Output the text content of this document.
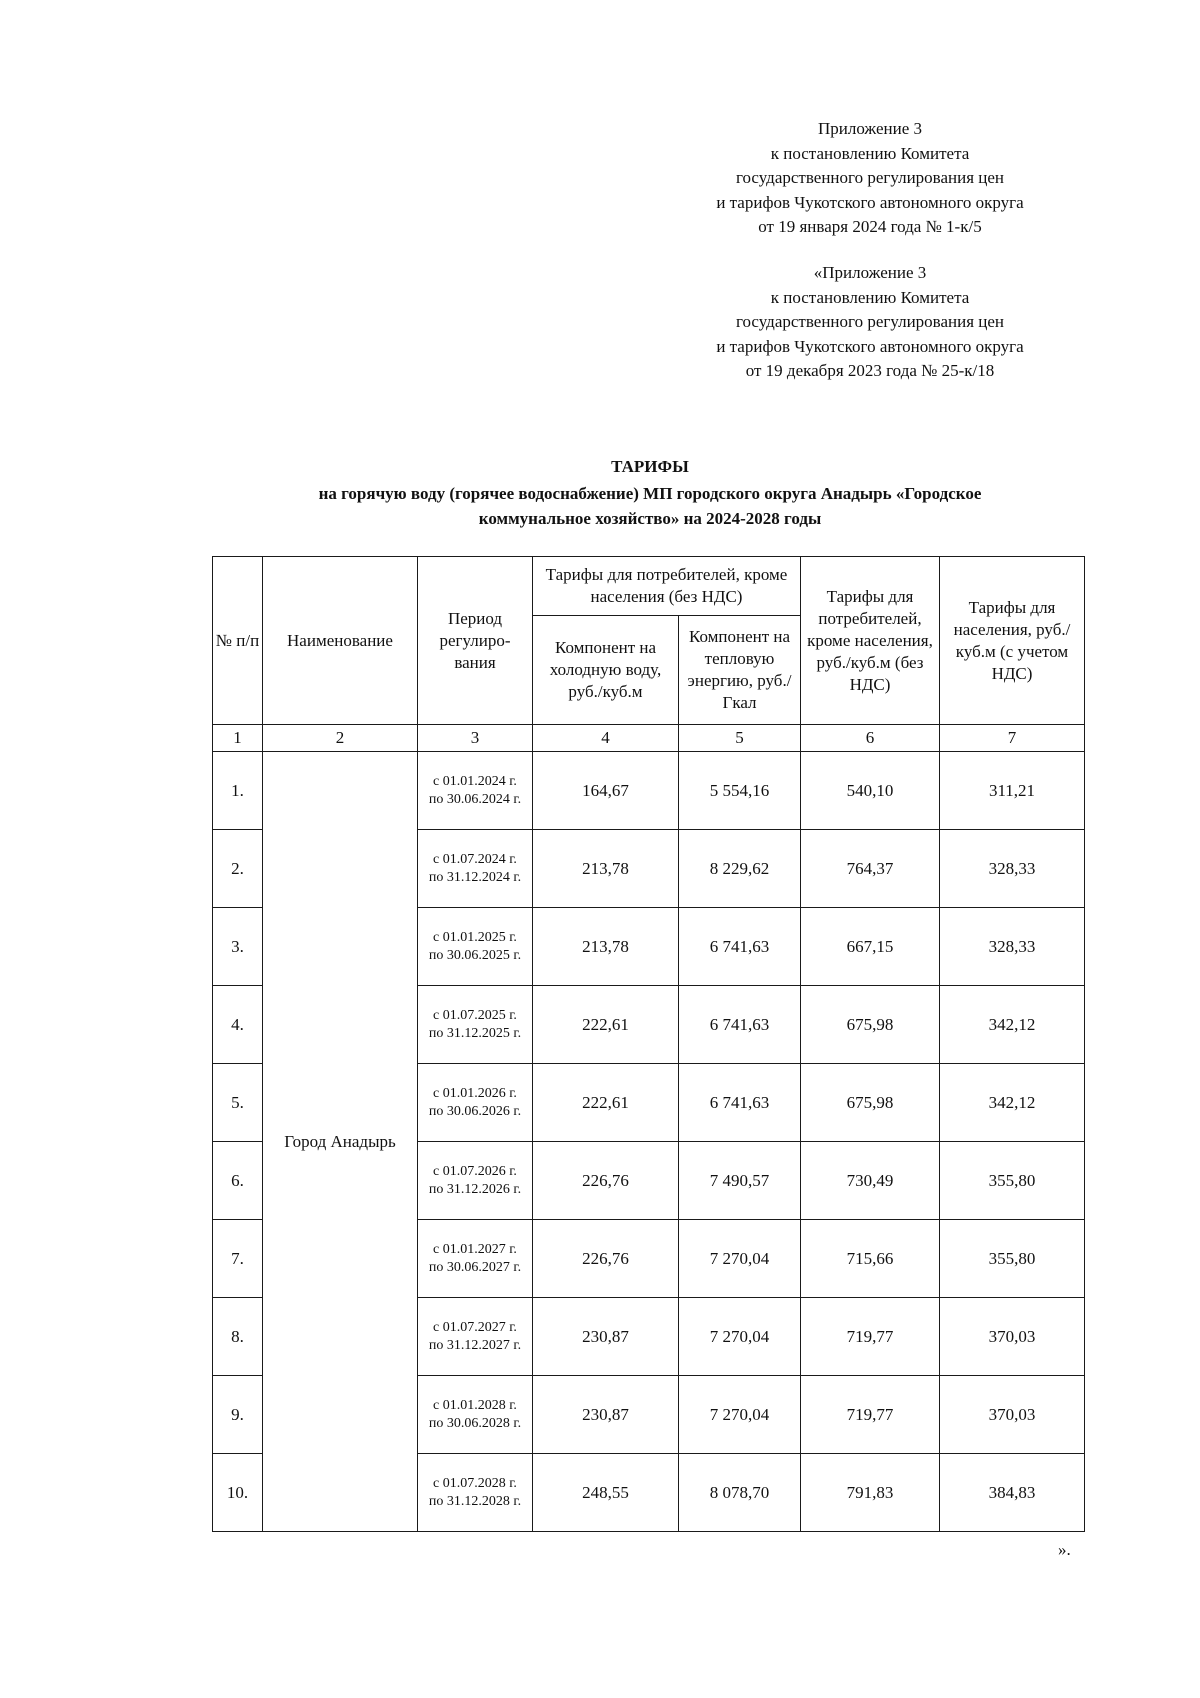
Приложение 3
к постановлению Комитета
государственного регулирования цен
и тарифов Чукотского автономного округа
от 19 января 2024 года № 1-к/5
«Приложение 3
к постановлению Комитета
государственного регулирования цен
и тарифов Чукотского автономного округа
от 19 декабря 2023 года № 25-к/18
ТАРИФЫ
на горячую воду (горячее водоснабжение) МП городского округа Анадырь «Городское
коммунальное хозяйство» на 2024-2028 годы
№ п/п	Наименование	Период регулиро-вания	Тарифы для потребителей, кроме населения (без НДС)		Тарифы для потребителей, кроме населения, руб./куб.м (без НДС)	Тарифы для населения, руб./куб.м (с учетом НДС)
			Компонент на холодную воду, руб./куб.м	Компонент на тепловую энергию, руб./Гкал		
1	2	3	4	5	6	7
1.	Город Анадырь	с 01.01.2024 г.
по 30.06.2024 г.	164,67	5 554,16	540,10	311,21
2.		с 01.07.2024 г.
по 31.12.2024 г.	213,78	8 229,62	764,37	328,33
3.		с 01.01.2025 г.
по 30.06.2025 г.	213,78	6 741,63	667,15	328,33
4.		с 01.07.2025 г.
по 31.12.2025 г.	222,61	6 741,63	675,98	342,12
5.		с 01.01.2026 г.
по 30.06.2026 г.	222,61	6 741,63	675,98	342,12
6.		с 01.07.2026 г.
по 31.12.2026 г.	226,76	7 490,57	730,49	355,80
7.		с 01.01.2027 г.
по 30.06.2027 г.	226,76	7 270,04	715,66	355,80
8.		с 01.07.2027 г.
по 31.12.2027 г.	230,87	7 270,04	719,77	370,03
9.		с 01.01.2028 г.
по 30.06.2028 г.	230,87	7 270,04	719,77	370,03
10.		с 01.07.2028 г.
по 31.12.2028 г.	248,55	8 078,70	791,83	384,83
».
